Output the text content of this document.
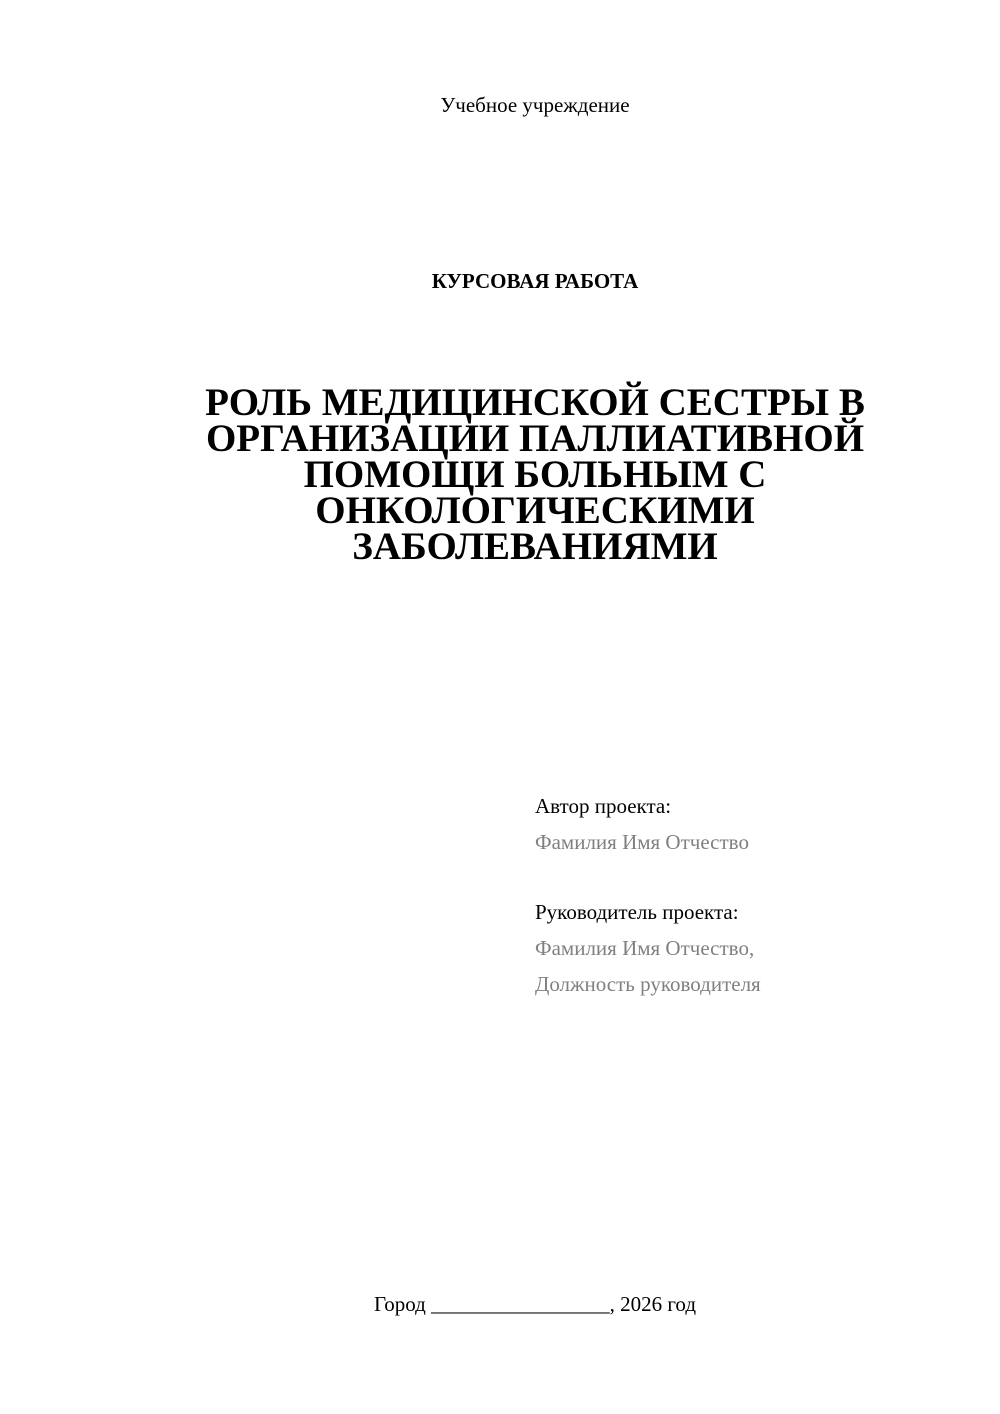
Учебное учреждение
КУРСОВАЯ РАБОТА
РОЛЬ МЕДИЦИНСКОЙ СЕСТРЫ В
ОРГАНИЗАЦИИ ПАЛЛИАТИВНОЙ
ПОМОЩИ БОЛЬНЫМ С
ОНКОЛОГИЧЕСКИМИ
ЗАБОЛЕВАНИЯМИ
Автор проекта:
Фамилия Имя Отчество
Руководитель проекта:
Фамилия Имя Отчество,
Должность руководителя
Город _________________, 2026 год
